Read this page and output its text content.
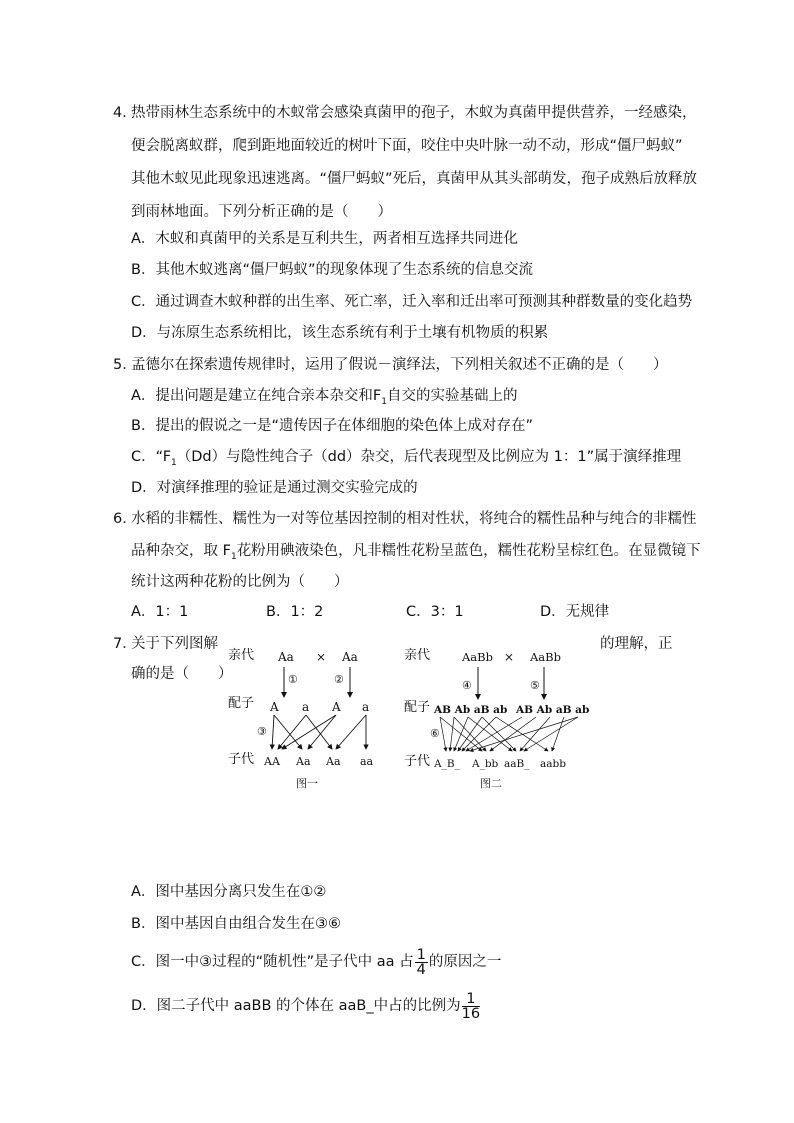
4．
热带雨林生态系统中的木蚁常会感染真菌甲的孢子，木蚁为真菌甲提供营养，一经感染，
便会脱离蚁群，爬到距地面较近的树叶下面，咬住中央叶脉一动不动，形成“僵尸蚂蚁”
其他木蚁见此现象迅速逃离。“僵尸蚂蚁”死后，真菌甲从其头部萌发，孢子成熟后放释放
到雨林地面。下列分析正确的是（　　）
A．木蚁和真菌甲的关系是互利共生，两者相互选择共同进化
B．其他木蚁逃离“僵尸蚂蚁”的现象体现了生态系统的信息交流
C．通过调查木蚁种群的出生率、死亡率，迁入率和迁出率可预测其种群数量的变化趋势
D．与冻原生态系统相比，该生态系统有利于土壤有机物质的积累
5．
孟德尔在探索遗传规律时，运用了假说－演绎法，下列相关叙述不正确的是（　　）
A．提出问题是建立在纯合亲本杂交和$F_1$自交的实验基础上的
B．提出的假说之一是“遗传因子在体细胞的染色体上成对存在”
C．“$F_1(Dd)$与隐性纯合子（dd）杂交，后代表现型及比例应为 1：1”属于演绎推理
D．对演绎推理的验证是通过测交实验完成的
6．
水稻的非糯性、糯性为一对等位基因控制的相对性状，将纯合的糯性品种与纯合的非糯性
品种杂交，取 $F_1$花粉用碘液染色，凡非糯性花粉呈蓝色，糯性花粉呈棕红色。在显微镜下
统计这两种花粉的比例为（　　）
A．1：1	B．1：2	C．3：1	D．无规律
7．
关于下列图解	的理解，正
确的是（　　）
亲代
配子
子代
Aa × Aa
①	②
A a A a
③
AA Aa Aa aa
图一
亲代
配子
子代
AaBb × AaBb
④	⑤
AB Ab aB ab AB Ab aB ab
⑥
A_B_ A_bb aaB_ aabb
图二
A．图中基因分离只发生在①②
B．图中基因自由组合发生在③⑥
C．图一中③过程的“随机性”是子代中 aa 占 $\frac{1}{4}$ 的原因之一
D．图二子代中 aaBB 的个体在 aaB_中占的比例为 $\frac{1}{16}$
